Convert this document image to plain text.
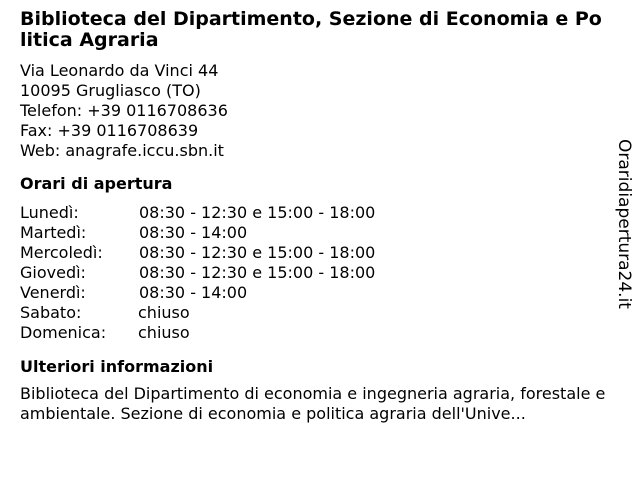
Biblioteca del Dipartimento, Sezione di Economia e Politica Agraria
Via Leonardo da Vinci 44
10095 Grugliasco (TO)
Telefon: +39 0116708636
Fax: +39 0116708639
Web: anagrafe.iccu.sbn.it
Orari di apertura
Lunedì:	08:30 - 12:30 e 15:00 - 18:00
Martedì:	08:30 - 14:00
Mercoledì:	08:30 - 12:30 e 15:00 - 18:00
Giovedì:	08:30 - 12:30 e 15:00 - 18:00
Venerdì:	08:30 - 14:00
Sabato:	chiuso
Domenica:	chiuso
Ulteriori informazioni
Biblioteca del Dipartimento di economia e ingegneria agraria, forestale e ambientale. Sezione di economia e politica agraria dell'Unive...
Oraridiapertura24.it
